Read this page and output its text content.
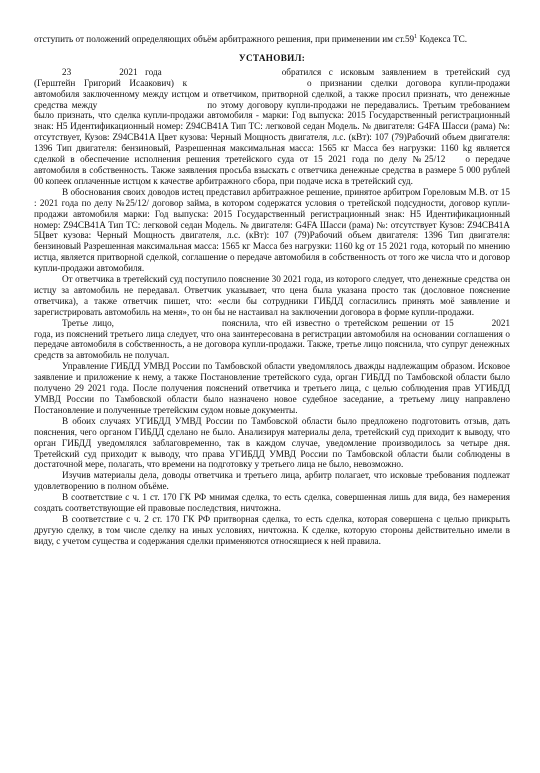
отступить от положений определяющих объём арбитражного решения, при применении им $ст.59^1$ Кодекса ТС.

УСТАНОВИЛ:

23	2021 года	обратился с исковым заявлением в третейский суд (Герштейн Григорий Исаакович) к	о признании сделки договора купли-продажи автомобиля заключенному между истцом и ответчиком, притворной сделкой, а также просил признать, что денежные средства между	по этому договору купли-продажи не передавались. Третьим требованием было признать, что сделка купли-продажи автомобиля - марки: Год выпуска: 2015 Государственный регистрационный знак: Н5 Идентификационный номер: Z94CB41A Тип ТС: легковой седан Модель. № двигателя: G4FA Шасси (рама) №: отсутствует, Кузов: Z94CB41A Цвет кузова: Черный Мощность двигателя, л.с. (кВт): 107 (79)Рабочий объем двигателя: 1396 Тип двигателя: бензиновый, Разрешенная максимальная масса: 1565 кг Масса без нагрузки: 1160 kg является сделкой в обеспечение исполнения решения третейского суда от 15 2021 года по делу №25/12 о передаче автомобиля в собственность. Также заявления просьба взыскать с ответчика денежные средства в размере 5 000 рублей 00 копеек оплаченные истцом к качестве арбитражного сбора, при подаче иска в третейский суд.

В обоснования своих доводов истец представил арбитражное решение, принятое арбитром Гореловым М.В. от 15 : 2021 года по делу №25/12/ договор займа, в котором содержатся условия о третейской подсудности, договор купли-продажи автомобиля марки: Год выпуска: 2015 Государственный регистрационный знак: Н5 Идентификационный номер: Z94CB41A Тип ТС: легковой седан Модель. № двигателя: G4FA Шасси (рама) №: отсутствует Кузов: Z94CB41A 5Цвет кузова: Черный Мощность двигателя, л.с. (кВт): 107 (79)Рабочий объем двигателя: 1396 Тип двигателя: бензиновый Разрешенная максимальная масса: 1565 кг Масса без нагрузки: 1160 kg от 15 2021 года, который по мнению истца, является притворной сделкой, соглашение о передаче автомобиля в собственность от того же числа что и договор купли-продажи автомобиля.

От ответчика в третейский суд поступило пояснение 30 2021 года, из которого следует, что денежные средства он истцу за автомобиль не передавал. Ответчик указывает, что цена была указана просто так (дословное пояснение ответчика), а также ответчик пишет, что: «если бы сотрудники ГИБДД согласились принять моё заявление и зарегистрировать автомобиль на меня», то он бы не настаивал на заключении договора в форме купли-продажи.

Третье лицо,	пояснила, что ей известно о третейском решении от 15	2021 года, из пояснений третьего лица следует, что она заинтересована в регистрации автомобиля на основании соглашения о передаче автомобиля в собственность, а не договора купли-продажи. Также, третье лицо пояснила, что супруг денежных средств за автомобиль не получал.

Управление ГИБДД УМВД России по Тамбовской области уведомлялось дважды надлежащим образом. Исковое заявление и приложение к нему, а также Постановление третейского суда, орган ГИБДД по Тамбовской области было получено 29 2021 года. После получения пояснений ответчика и третьего лица, с целью соблюдения прав УГИБДД УМВД России по Тамбовской области было назначено новое судебное заседание, а третьему лицу направлено Постановление и полученные третейским судом новые документы.

В обоих случаях УГИБДД УМВД России по Тамбовской области было предложено подготовить отзыв, дать пояснения, чего органом ГИБДД сделано не было. Анализируя материалы дела, третейский суд приходит к выводу, что орган ГИБДД уведомлялся заблаговременно, так в каждом случае, уведомление производилось за четыре дня. Третейский суд приходит к выводу, что права УГИБДД УМВД России по Тамбовской области были соблюдены в достаточной мере, полагать, что времени на подготовку у третьего лица не было, невозможно.

Изучив материалы дела, доводы ответчика и третьего лица, арбитр полагает, что исковые требования подлежат удовлетворению в полном объёме.

В соответствие с ч. 1 ст. 170 ГК РФ мнимая сделка, то есть сделка, совершенная лишь для вида, без намерения создать соответствующие ей правовые последствия, ничтожна.

В соответствие с ч. 2 ст. 170 ГК РФ притворная сделка, то есть сделка, которая совершена с целью прикрыть другую сделку, в том числе сделку на иных условиях, ничтожна. К сделке, которую стороны действительно имели в виду, с учетом существа и содержания сделки применяются относящиеся к ней правила.
